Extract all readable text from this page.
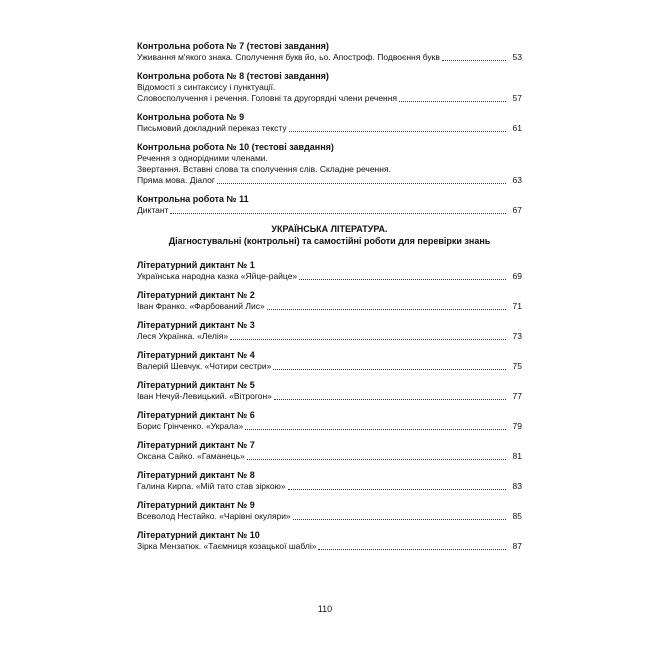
Контрольна робота № 7 (тестові завдання)
Уживання м'якого знака. Сполучення букв йо, ьо. Апостроф. Подвоєння букв	53
Контрольна робота № 8 (тестові завдання)
Відомості з синтаксису і пунктуації.
Словосполучення і речення. Головні та другорядні члени речення	57
Контрольна робота № 9
Письмовий докладний переказ тексту	61
Контрольна робота № 10 (тестові завдання)
Речення з однорідними членами.
Звертання. Вставні слова та сполучення слів. Складне речення.
Пряма мова. Діалог	63
Контрольна робота № 11
Диктант	67
УКРАЇНСЬКА ЛІТЕРАТУРА.
Діагностувальні (контрольні) та самостійні роботи для перевірки знань
Літературний диктант № 1
Українська народна казка «Яйце-райце»	69
Літературний диктант № 2
Іван Франко. «Фарбований Лис»	71
Літературний диктант № 3
Леся Українка. «Лелія»	73
Літературний диктант № 4
Валерій Шевчук. «Чотири сестри»	75
Літературний диктант № 5
Іван Нечуй-Левицький. «Вітрогон»	77
Літературний диктант № 6
Борис Грінченко. «Украла»	79
Літературний диктант № 7
Оксана Сайко. «Гаманець»	81
Літературний диктант № 8
Галина Кирпа. «Мій тато став зіркою»	83
Літературний диктант № 9
Всеволод Нестайко. «Чарівні окуляри»	85
Літературний диктант № 10
Зірка Мензатюк. «Таємниця козацької шаблі»	87
110
